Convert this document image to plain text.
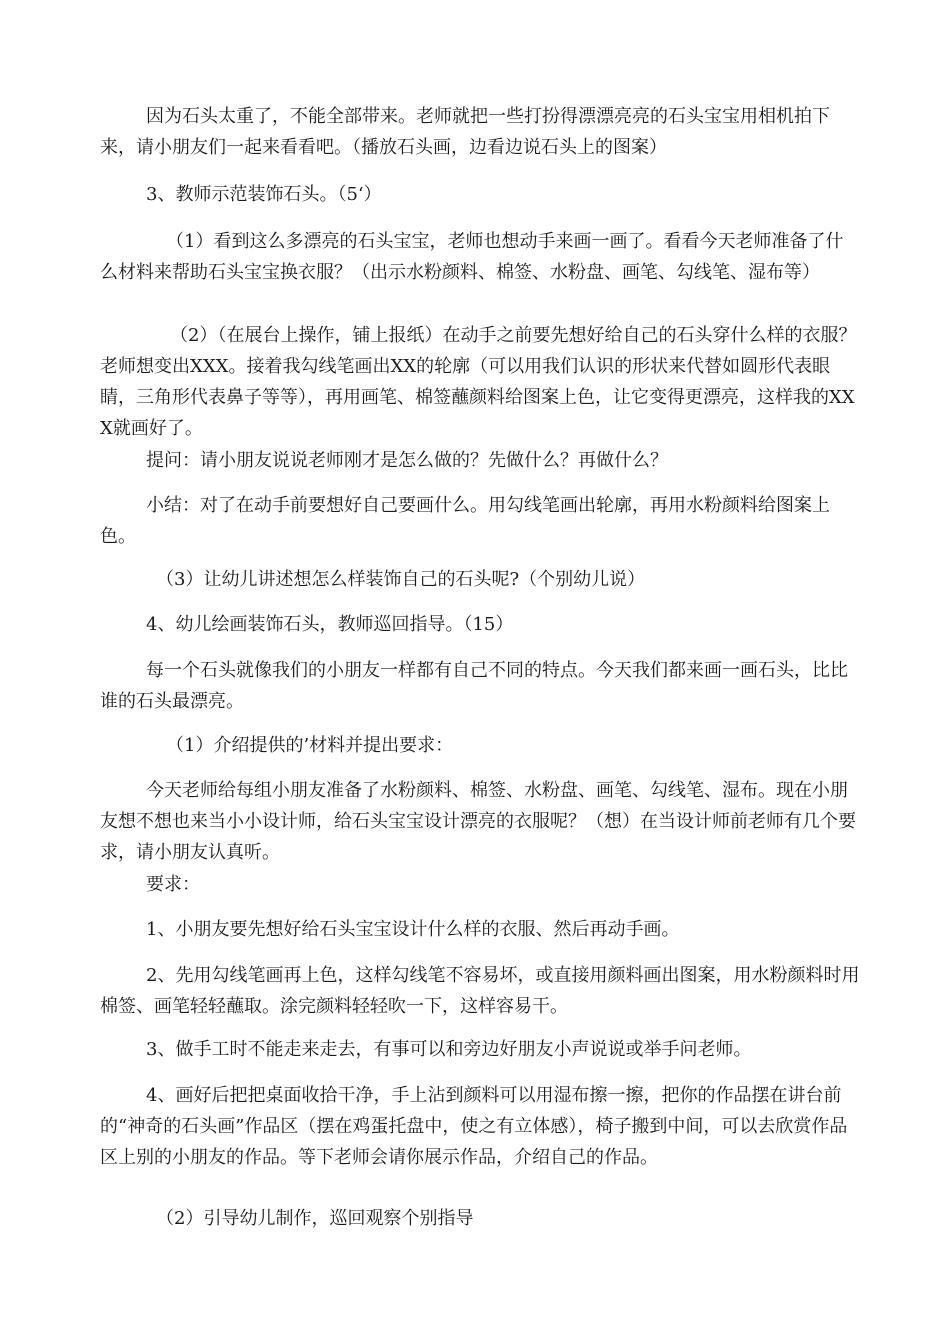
因为石头太重了，不能全部带来。老师就把一些打扮得漂漂亮亮的石头宝宝用相机拍下来，请小朋友们一起来看看吧。（播放石头画，边看边说石头上的图案）

3、教师示范装饰石头。（5‘）

（1）看到这么多漂亮的石头宝宝，老师也想动手来画一画了。看看今天老师准备了什么材料来帮助石头宝宝换衣服？（出示水粉颜料、棉签、水粉盘、画笔、勾线笔、湿布等）

（2）（在展台上操作，铺上报纸）在动手之前要先想好给自己的石头穿什么样的衣服？老师想变出XXX。接着我勾线笔画出XX的轮廓（可以用我们认识的形状来代替如圆形代表眼睛，三角形代表鼻子等等），再用画笔、棉签蘸颜料给图案上色，让它变得更漂亮，这样我的XXX就画好了。

提问：请小朋友说说老师刚才是怎么做的？先做什么？再做什么？

小结：对了在动手前要想好自己要画什么。用勾线笔画出轮廓，再用水粉颜料给图案上色。

（3）让幼儿讲述想怎么样装饰自己的石头呢?（个别幼儿说）

4、幼儿绘画装饰石头，教师巡回指导。（15）

每一个石头就像我们的小朋友一样都有自己不同的特点。今天我们都来画一画石头，比比谁的石头最漂亮。

（1）介绍提供的’材料并提出要求：

今天老师给每组小朋友准备了水粉颜料、棉签、水粉盘、画笔、勾线笔、湿布。现在小朋友想不想也来当小小设计师，给石头宝宝设计漂亮的衣服呢？（想）在当设计师前老师有几个要求，请小朋友认真听。

要求：

1、小朋友要先想好给石头宝宝设计什么样的衣服、然后再动手画。

2、先用勾线笔画再上色，这样勾线笔不容易坏，或直接用颜料画出图案，用水粉颜料时用棉签、画笔轻轻蘸取。涂完颜料轻轻吹一下，这样容易干。

3、做手工时不能走来走去，有事可以和旁边好朋友小声说说或举手问老师。

4、画好后把把桌面收拾干净，手上沾到颜料可以用湿布擦一擦，把你的作品摆在讲台前的“神奇的石头画”作品区（摆在鸡蛋托盘中，使之有立体感），椅子搬到中间，可以去欣赏作品区上别的小朋友的作品。等下老师会请你展示作品，介绍自己的作品。

（2）引导幼儿制作，巡回观察个别指导
